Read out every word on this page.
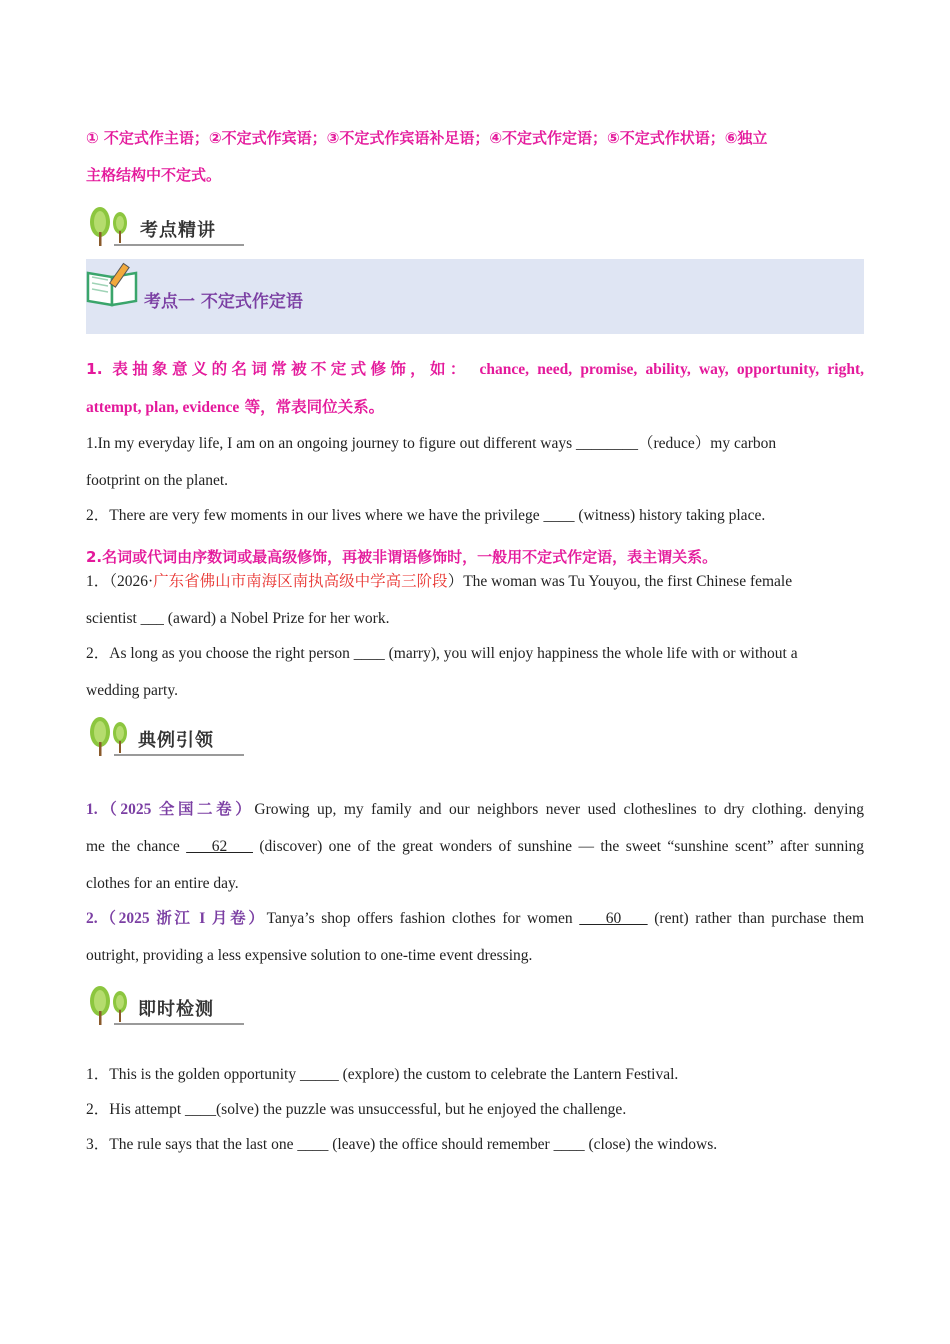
① 不定式作主语；②不定式作宾语；③不定式作宾语补足语；④不定式作定语；⑤不定式作状语；⑥独立
主格结构中不定式。
考点精讲
考点一 不定式作定语
1. 表抽象意义的名词常被不定式修饰，如： chance, need, promise, ability, way, opportunity, right,
attempt, plan, evidence 等，常表同位关系。
1.In my everyday life, I am on an ongoing journey to figure out different ways ________（reduce）my carbon
footprint on the planet.
2．There are very few moments in our lives where we have the privilege ____ (witness) history taking place.
2.名词或代词由序数词或最高级修饰，再被非谓语修饰时，一般用不定式作定语，表主谓关系。
1．（2026·广东省佛山市南海区南执高级中学高三阶段）The woman was Tu Youyou, the first Chinese female
scientist ___ (award) a Nobel Prize for her work.
2．As long as you choose the right person ____ (marry), you will enjoy happiness the whole life with or without a
wedding party.
典例引领
1.（2025 全国二卷）Growing up, my family and our neighbors never used clotheslines to dry clothing. denying
me the chance     62     (discover) one of the great wonders of sunshine — the sweet “sunshine scent” after sunning
clothes for an entire day.
2.（2025 浙江 I 月卷）Tanya’s shop offers fashion clothes for women     60     (rent) rather than purchase them
outright, providing a less expensive solution to one-time event dressing.
即时检测
1．This is the golden opportunity _____ (explore) the custom to celebrate the Lantern Festival.
2．His attempt ____(solve) the puzzle was unsuccessful, but he enjoyed the challenge.
3．The rule says that the last one ____ (leave) the office should remember ____ (close) the windows.
